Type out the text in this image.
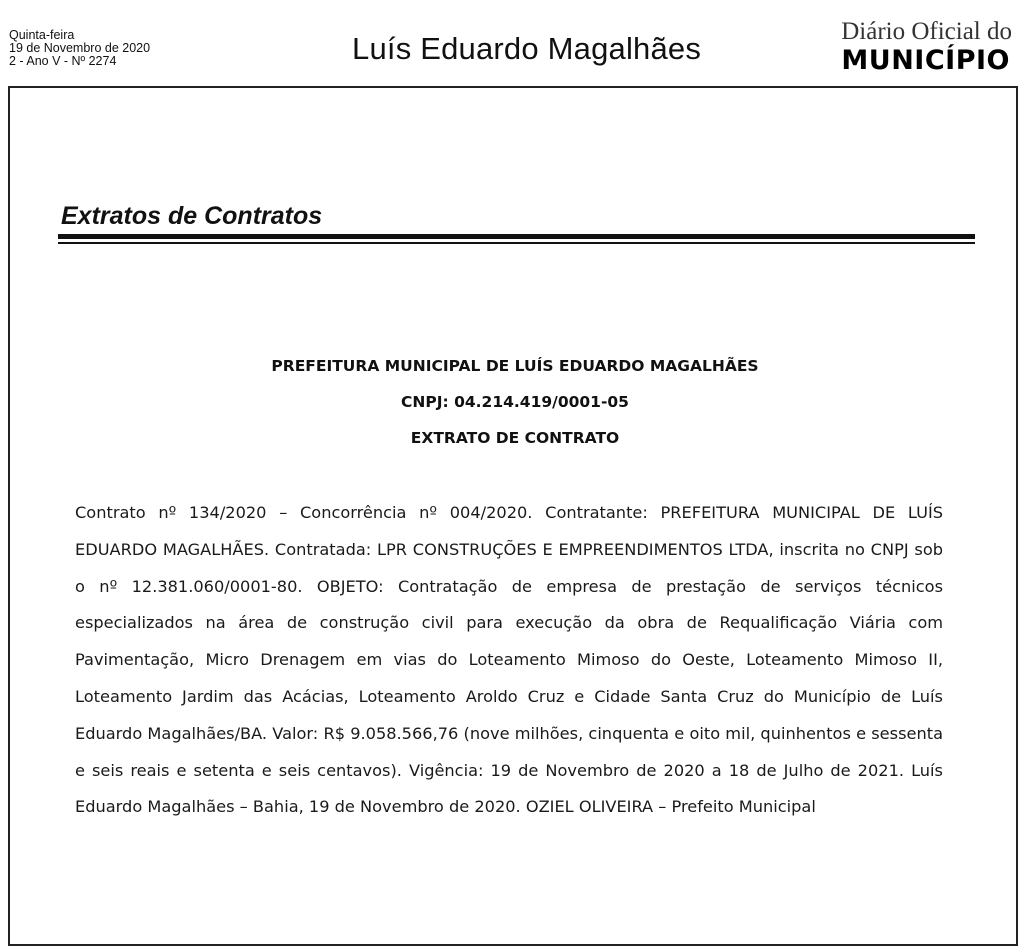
Quinta-feira
19 de Novembro de 2020
2 - Ano V - Nº 2274	Luís Eduardo Magalhães	Diário Oficial do
MUNICÍPIO
Extratos de Contratos
PREFEITURA MUNICIPAL DE LUÍS EDUARDO MAGALHÃES
CNPJ: 04.214.419/0001-05
EXTRATO DE CONTRATO
Contrato nº 134/2020 – Concorrência nº 004/2020. Contratante: PREFEITURA MUNICIPAL DE LUÍS EDUARDO MAGALHÃES. Contratada: LPR CONSTRUÇÕES E EMPREENDIMENTOS LTDA, inscrita no CNPJ sob o nº 12.381.060/0001-80. OBJETO: Contratação de empresa de prestação de serviços técnicos especializados na área de construção civil para execução da obra de Requalificação Viária com Pavimentação, Micro Drenagem em vias do Loteamento Mimoso do Oeste, Loteamento Mimoso II, Loteamento Jardim das Acácias, Loteamento Aroldo Cruz e Cidade Santa Cruz do Município de Luís Eduardo Magalhães/BA. Valor: R$ 9.058.566,76 (nove milhões, cinquenta e oito mil, quinhentos e sessenta e seis reais e setenta e seis centavos). Vigência: 19 de Novembro de 2020 a 18 de Julho de 2021. Luís Eduardo Magalhães – Bahia, 19 de Novembro de 2020. OZIEL OLIVEIRA – Prefeito Municipal
